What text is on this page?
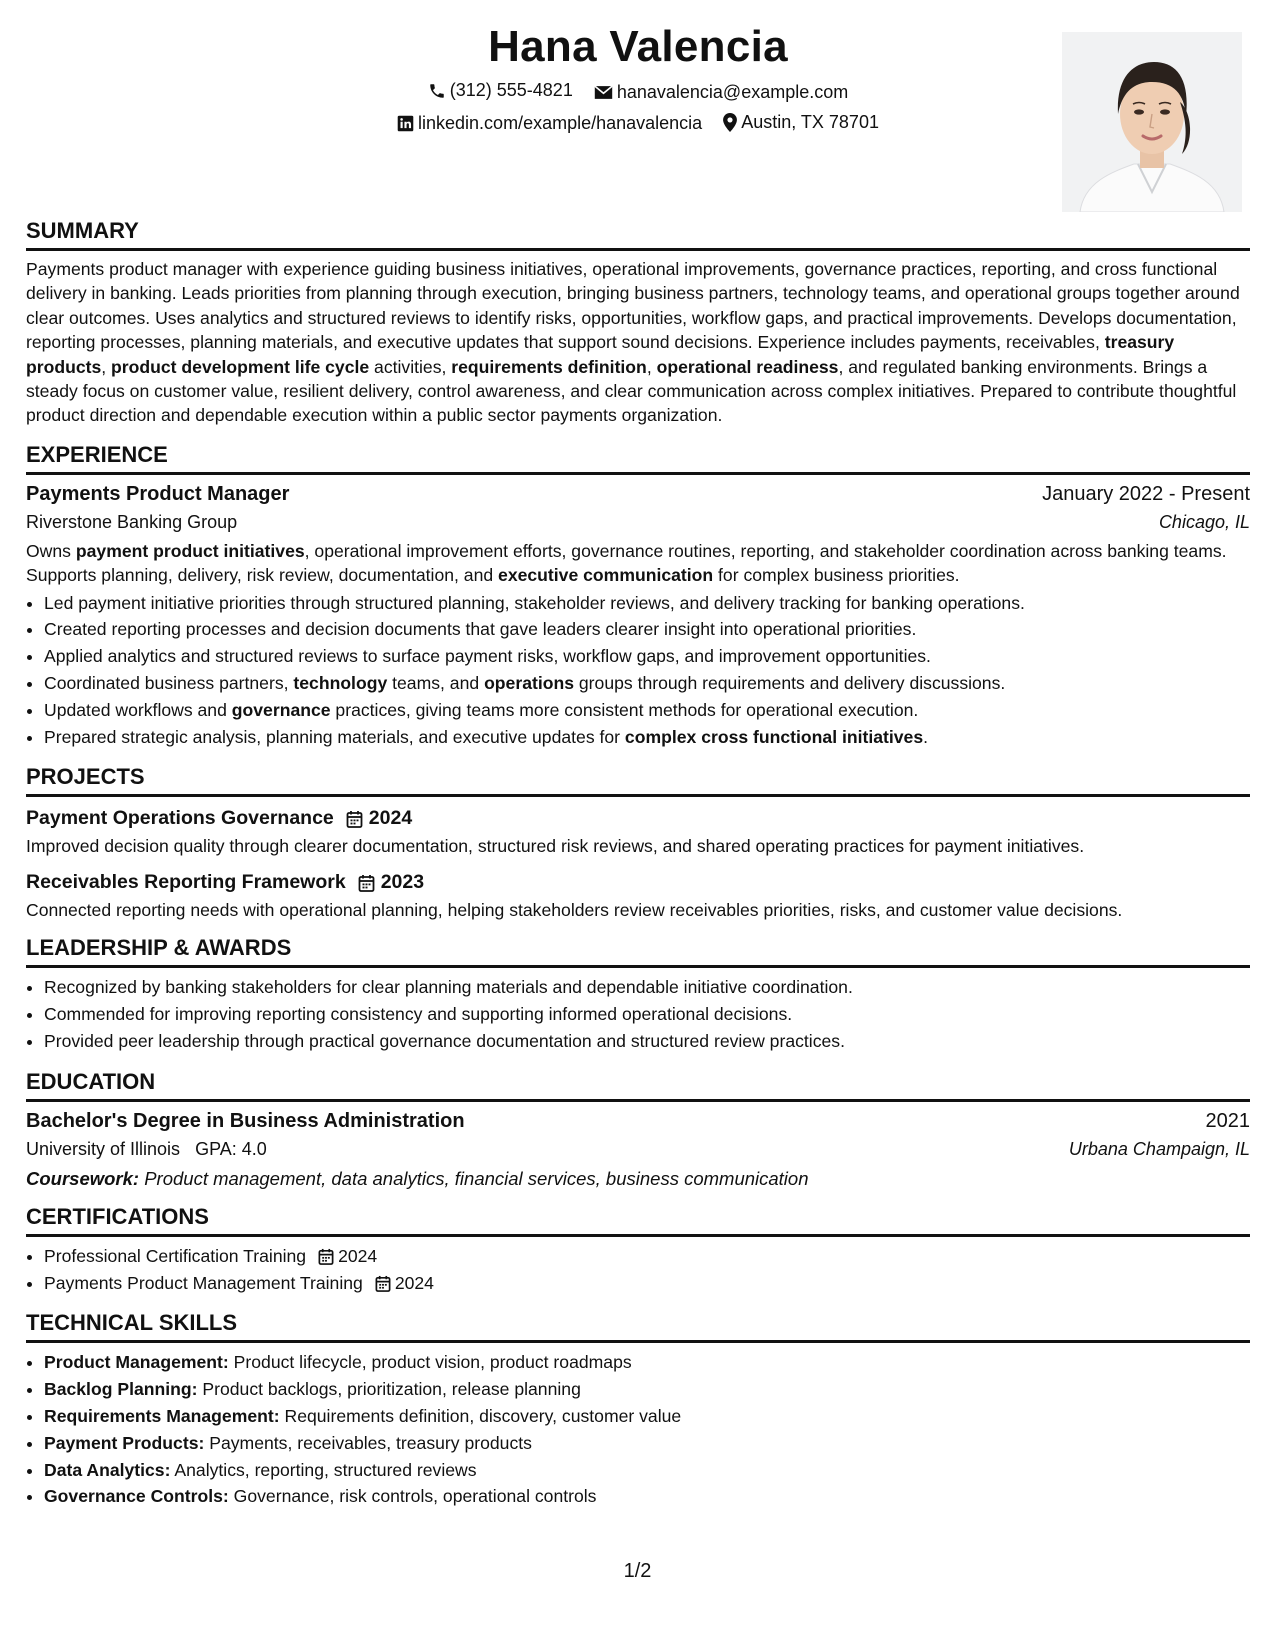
Hana Valencia
(312) 555-4821
hanavalencia@example.com
linkedin.com/example/hanavalencia
Austin, TX 78701
SUMMARY

Payments product manager with experience guiding business initiatives, operational improvements, governance practices, reporting, and cross functional delivery in banking. Leads priorities from planning through execution, bringing business partners, technology teams, and operational groups together around clear outcomes. Uses analytics and structured reviews to identify risks, opportunities, workflow gaps, and practical improvements. Develops documentation, reporting processes, planning materials, and executive updates that support sound decisions. Experience includes payments, receivables, treasury products, product development life cycle activities, requirements definition, operational readiness, and regulated banking environments. Brings a steady focus on customer value, resilient delivery, control awareness, and clear communication across complex initiatives. Prepared to contribute thoughtful product direction and dependable execution within a public sector payments organization.

EXPERIENCE
Payments Product Manager	January 2022 - Present
Riverstone Banking Group	Chicago, IL

Owns payment product initiatives, operational improvement efforts, governance routines, reporting, and stakeholder coordination across banking teams. Supports planning, delivery, risk review, documentation, and executive communication for complex business priorities.

• Led payment initiative priorities through structured planning, stakeholder reviews, and delivery tracking for banking operations.
• Created reporting processes and decision documents that gave leaders clearer insight into operational priorities.
• Applied analytics and structured reviews to surface payment risks, workflow gaps, and improvement opportunities.
• Coordinated business partners, technology teams, and operations groups through requirements and delivery discussions.
• Updated workflows and governance practices, giving teams more consistent methods for operational execution.
• Prepared strategic analysis, planning materials, and executive updates for complex cross functional initiatives.
PROJECTS
Payment Operations Governance 2024
Improved decision quality through clearer documentation, structured risk reviews, and shared operating practices for payment initiatives.
Receivables Reporting Framework 2023
Connected reporting needs with operational planning, helping stakeholders review receivables priorities, risks, and customer value decisions.
LEADERSHIP & AWARDS
• Recognized by banking stakeholders for clear planning materials and dependable initiative coordination.
• Commended for improving reporting consistency and supporting informed operational decisions.
• Provided peer leadership through practical governance documentation and structured review practices.
EDUCATION
Bachelor's Degree in Business Administration	2021
University of Illinois GPA: 4.0	Urbana Champaign, IL
Coursework: Product management, data analytics, financial services, business communication
CERTIFICATIONS
• Professional Certification Training 2024
• Payments Product Management Training 2024
TECHNICAL SKILLS
• Product Management: Product lifecycle, product vision, product roadmaps
• Backlog Planning: Product backlogs, prioritization, release planning
• Requirements Management: Requirements definition, discovery, customer value
• Payment Products: Payments, receivables, treasury products
• Data Analytics: Analytics, reporting, structured reviews
• Governance Controls: Governance, risk controls, operational controls
1/2
